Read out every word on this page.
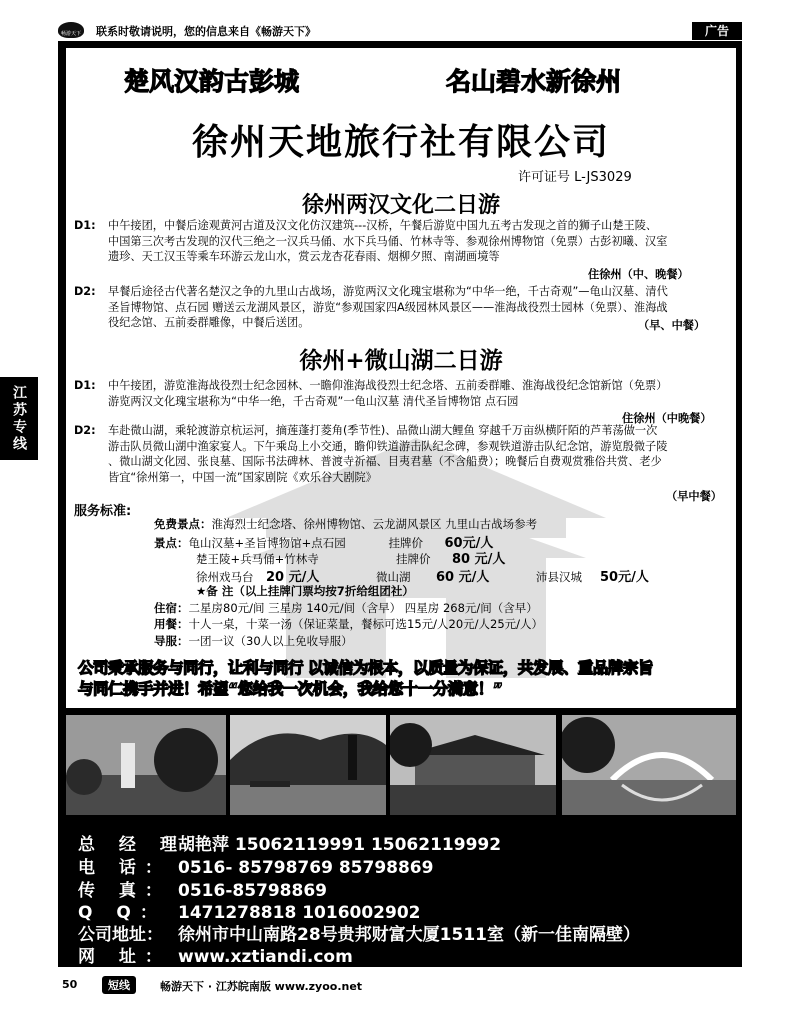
畅游天下 联系时敬请说明，您的信息来自《畅游天下》	广告
江苏专线
楚风汉韵古彭城	名山碧水新徐州
徐州天地旅行社有限公司
许可证号 L-JS3029
徐州两汉文化二日游
D1: 中午接团，中餐后途观黄河古道及汉文化仿汉建筑---汉桥，午餐后游览中国九五考古发现之首的狮子山楚王陵、中国第三次考古发现的汉代三绝之一汉兵马俑、水下兵马俑、竹林寺等、参观徐州博物馆（免票）古彭初曦、汉室遗珍、天工汉玉等乘车环游云龙山水，赏云龙杏花春雨、烟柳夕照、南湖画境等
住徐州（中、晚餐）
D2: 早餐后途径古代著名楚汉之争的九里山古战场，游览两汉文化瑰宝堪称为“中华一绝，千古奇观”—龟山汉墓、清代圣旨博物馆、点石园 赠送云龙湖风景区，游览“参观国家四A级园林风景区——淮海战役烈士园林（免票）、淮海战役纪念馆、五前委群雕像，中餐后送团。	（早、中餐）
徐州+微山湖二日游
D1: 中午接团，游览淮海战役烈士纪念园林、一瞻仰淮海战役烈士纪念塔、五前委群雕、淮海战役纪念馆新馆（免票）游览两汉文化瑰宝堪称为“中华一绝，千古奇观”一龟山汉墓 清代圣旨博物馆 点石园
住徐州（中晚餐）
D2: 车赴微山湖，乘轮渡游京杭运河，摘莲蓬打菱角(季节性)、品微山湖大鲤鱼 穿越千万亩纵横阡陌的芦苇荡做一次游击队员微山湖中渔家宴人。下午乘岛上小交通，瞻仰铁道游击队纪念碑，参观铁道游击队纪念馆，游览殷微子陵 、微山湖文化园、张良墓、国际书法碑林、普渡寺祈福、目夷君墓（不含船费）；晚餐后自费观赏雅俗共赏、老少皆宜“徐州第一，中国一流”国家剧院《欢乐谷大剧院》
（早中餐）
服务标准:
免费景点：淮海烈士纪念塔、徐州博物馆、云龙湖风景区 九里山古战场参考
景点：龟山汉墓+圣旨博物馆+点石园	挂牌价 60元/人
楚王陵+兵马俑+竹林寺	挂牌价 80 元/人
徐州戏马台 20 元/人	微山湖 60 元/人	沛县汉城 50元/人
★备 注（以上挂牌门票均按7折给组团社）
住宿：二星房80元/间 三星房 140元/间（含早） 四星房 268元/间（含早）
用餐：十人一桌，十菜一汤（保证菜量，餐标可选15元/人20元/人25元/人）
导服：一团一议（30人以上免收导服）
公司秉承服务与同行，让利与同行 以诚信为根本，以质量为保证，共发展、重品牌宗旨
与同仁携手并进！希望“您给我一次机会，我给您十一分满意！”
总 经 理：胡艳萍 15062119991 15062119992
电 话： 0516- 85798769 85798869
传 真： 0516-85798869
Q Q： 1471278818 1016002902
公司地址： 徐州市中山南路28号贵邦财富大厦1511室（新一佳南隔壁）
网 址： www.xztiandi.com
50	短线	畅游天下 · 江苏皖南版 www.zyoo.net
